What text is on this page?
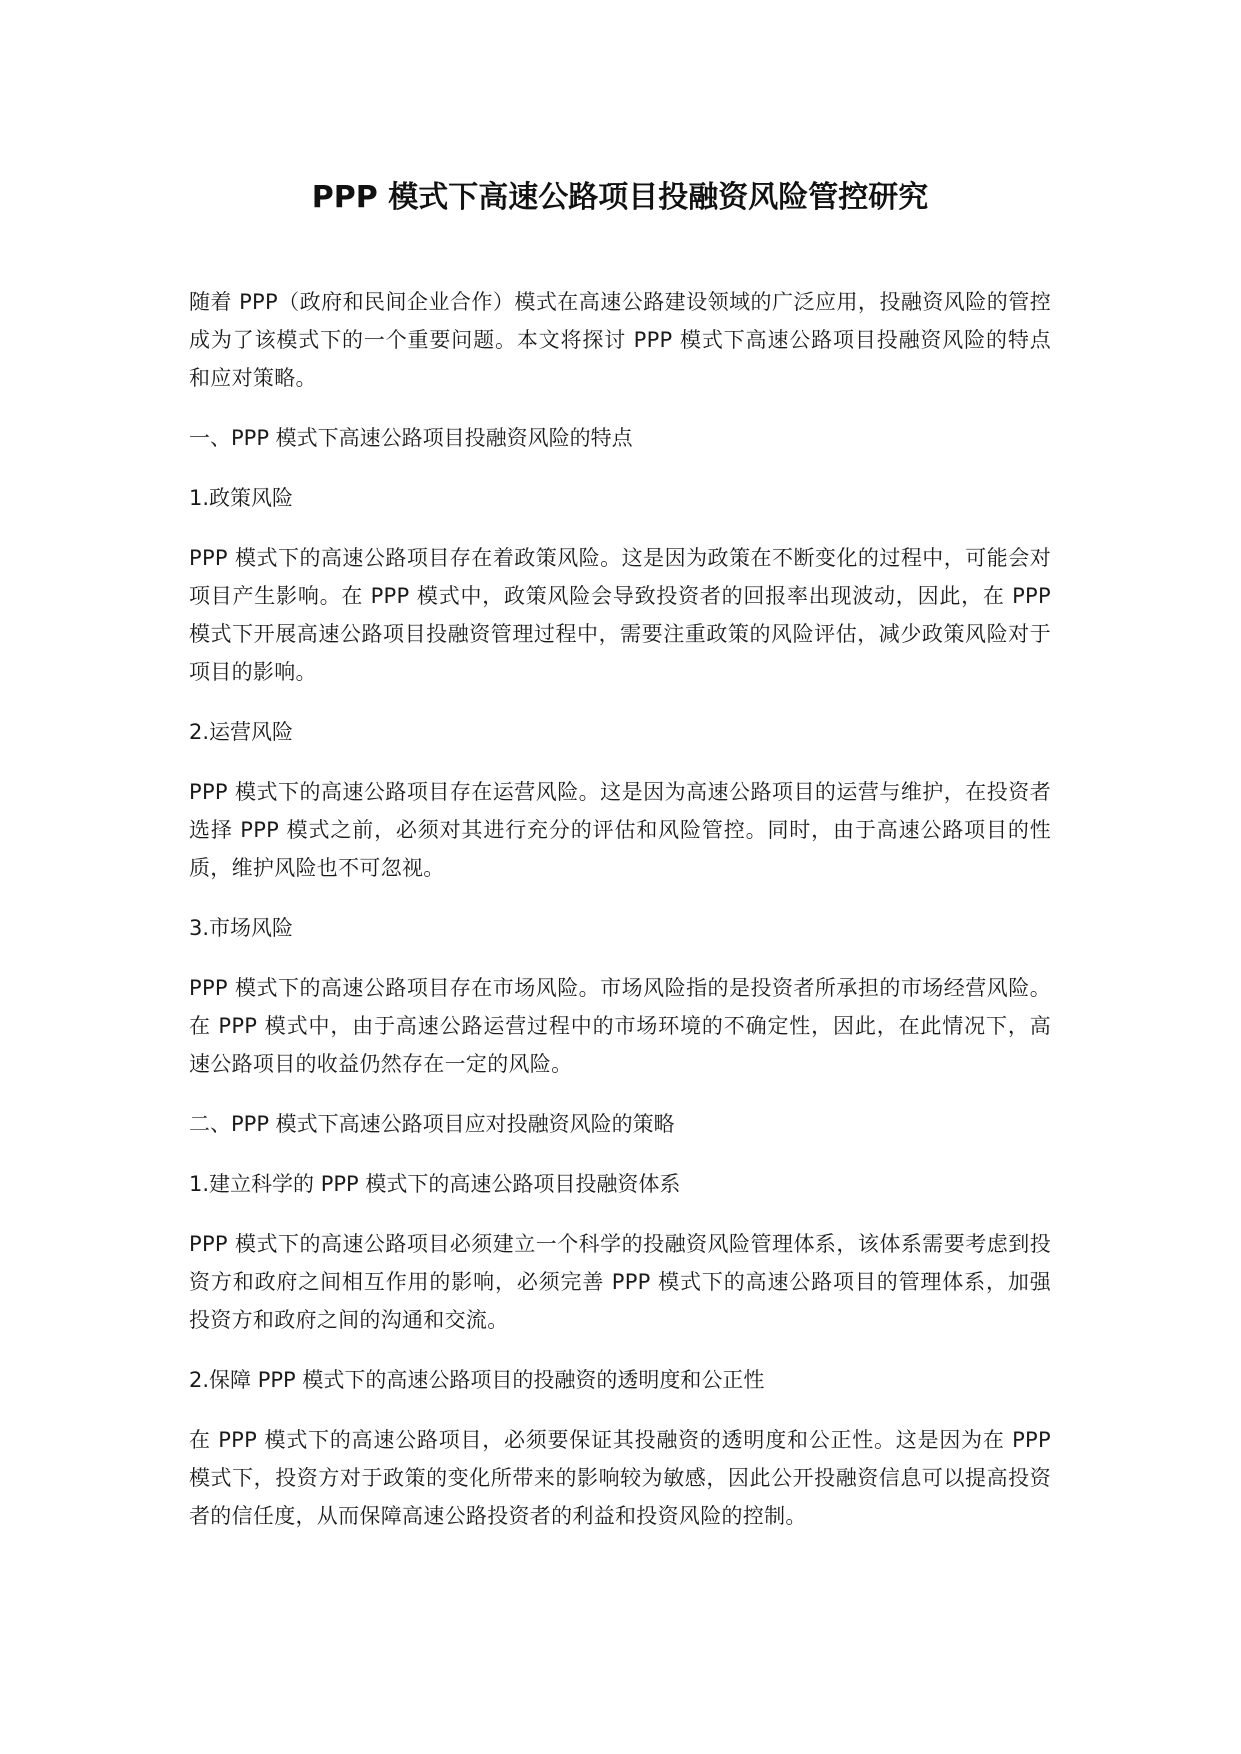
PPP 模式下高速公路项目投融资风险管控研究

随着 PPP（政府和民间企业合作）模式在高速公路建设领域的广泛应用，投融资风险的管控成为了该模式下的一个重要问题。本文将探讨 PPP 模式下高速公路项目投融资风险的特点和应对策略。

一、PPP 模式下高速公路项目投融资风险的特点

1.政策风险

PPP 模式下的高速公路项目存在着政策风险。这是因为政策在不断变化的过程中，可能会对项目产生影响。在 PPP 模式中，政策风险会导致投资者的回报率出现波动，因此，在 PPP 模式下开展高速公路项目投融资管理过程中，需要注重政策的风险评估，减少政策风险对于项目的影响。

2.运营风险

PPP 模式下的高速公路项目存在运营风险。这是因为高速公路项目的运营与维护，在投资者选择 PPP 模式之前，必须对其进行充分的评估和风险管控。同时，由于高速公路项目的性质，维护风险也不可忽视。

3.市场风险

PPP 模式下的高速公路项目存在市场风险。市场风险指的是投资者所承担的市场经营风险。在 PPP 模式中，由于高速公路运营过程中的市场环境的不确定性，因此，在此情况下，高速公路项目的收益仍然存在一定的风险。

二、PPP 模式下高速公路项目应对投融资风险的策略

1.建立科学的 PPP 模式下的高速公路项目投融资体系

PPP 模式下的高速公路项目必须建立一个科学的投融资风险管理体系，该体系需要考虑到投资方和政府之间相互作用的影响，必须完善 PPP 模式下的高速公路项目的管理体系，加强投资方和政府之间的沟通和交流。

2.保障 PPP 模式下的高速公路项目的投融资的透明度和公正性

在 PPP 模式下的高速公路项目，必须要保证其投融资的透明度和公正性。这是因为在 PPP 模式下，投资方对于政策的变化所带来的影响较为敏感，因此公开投融资信息可以提高投资者的信任度，从而保障高速公路投资者的利益和投资风险的控制。
